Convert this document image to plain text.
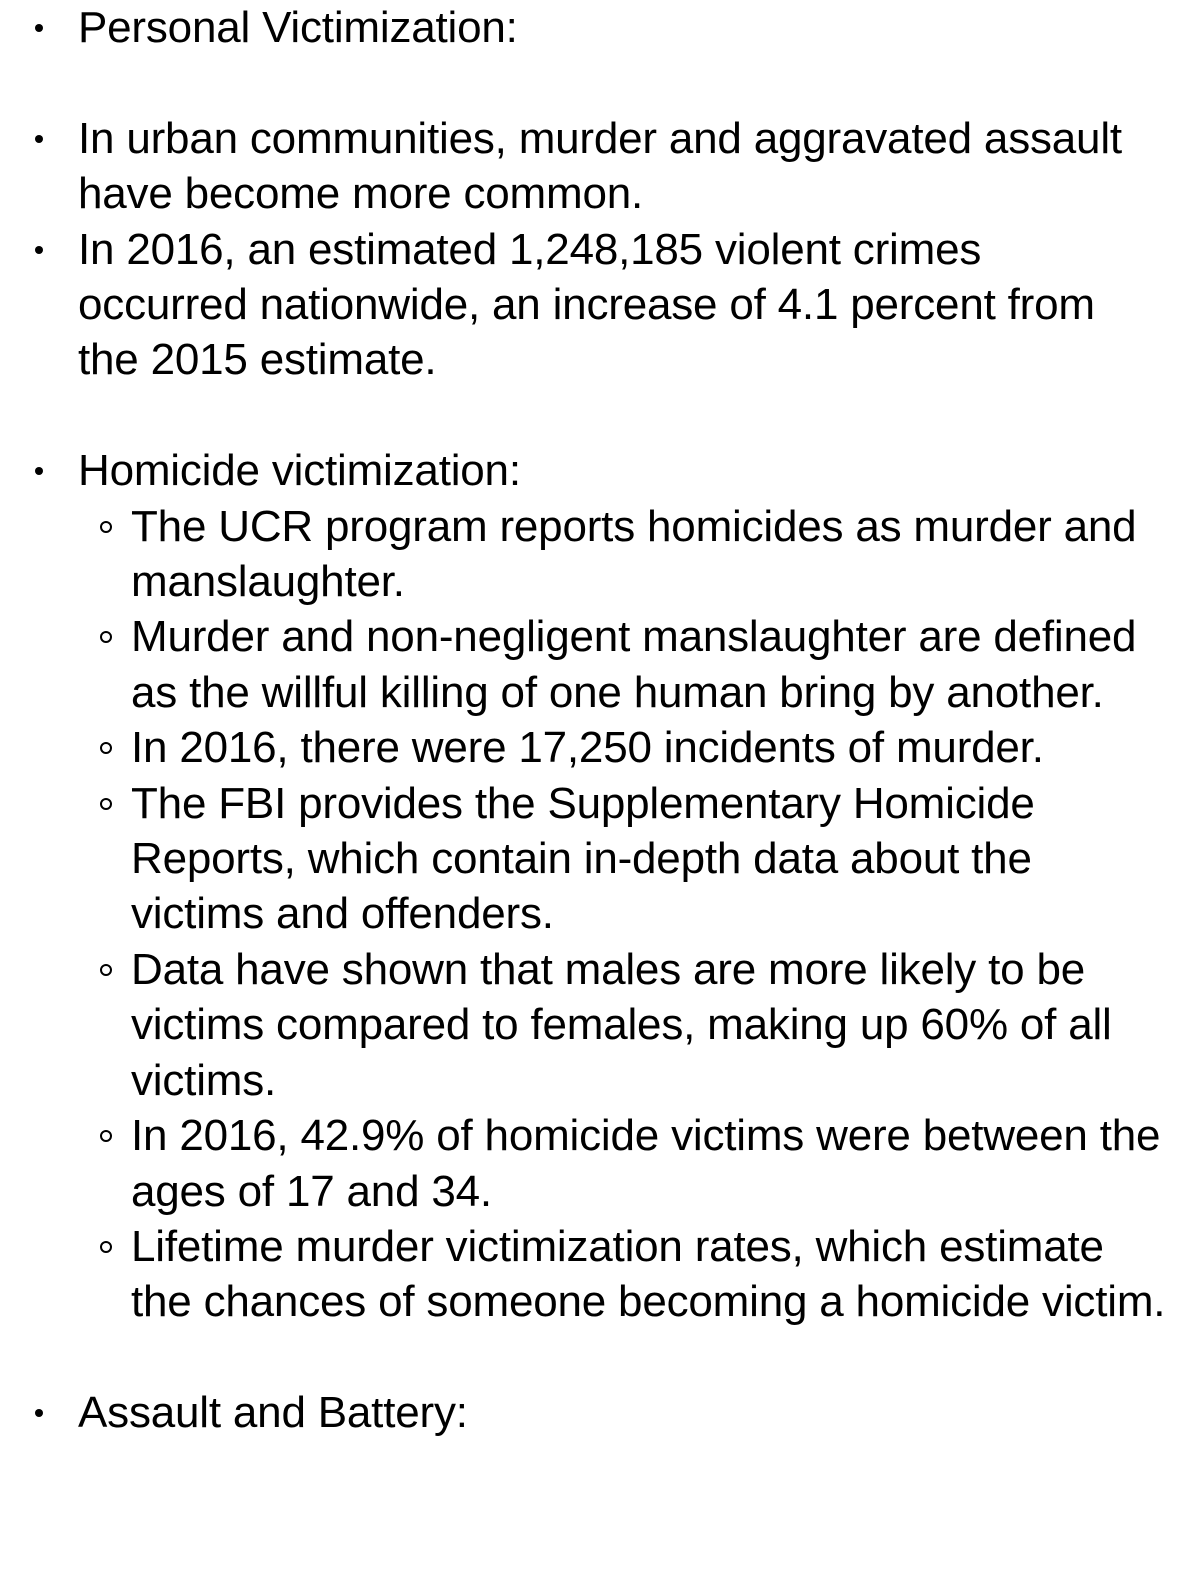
Personal Victimization:
In urban communities, murder and aggravated assault have become more common.
In 2016, an estimated 1,248,185 violent crimes occurred nationwide, an increase of 4.1 percent from the 2015 estimate.
Homicide victimization:
The UCR program reports homicides as murder and manslaughter.
Murder and non-negligent manslaughter are defined as the willful killing of one human bring by another.
In 2016, there were 17,250 incidents of murder.
The FBI provides the Supplementary Homicide Reports, which contain in-depth data about the victims and offenders.
Data have shown that males are more likely to be victims compared to females, making up 60% of all victims.
In 2016, 42.9% of homicide victims were between the ages of 17 and 34.
Lifetime murder victimization rates, which estimate the chances of someone becoming a homicide victim.
Assault and Battery:
